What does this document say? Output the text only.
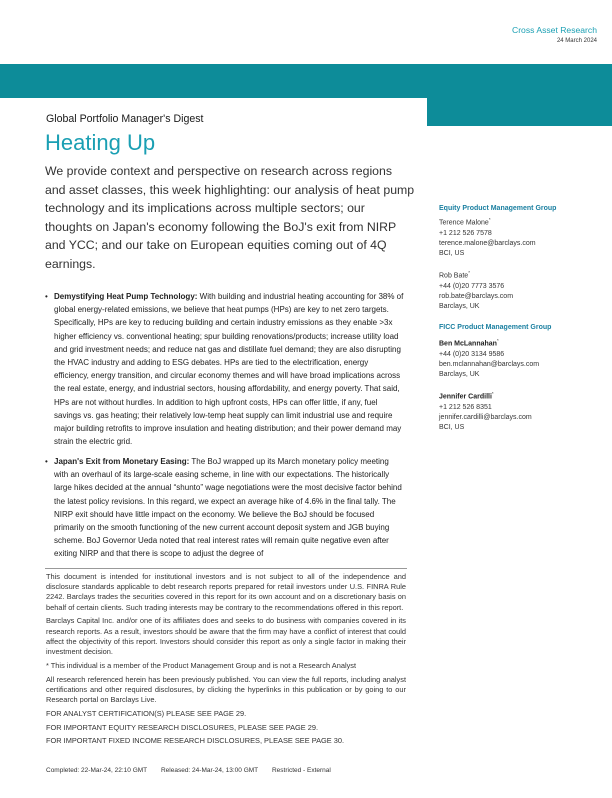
Cross Asset Research
24 March 2024
Global Portfolio Manager's Digest
Heating Up
We provide context and perspective on research across regions and asset classes, this week highlighting: our analysis of heat pump technology and its implications across multiple sectors; our thoughts on Japan's economy following the BoJ's exit from NIRP and YCC; and our take on European equities coming out of 4Q earnings.
• Demystifying Heat Pump Technology: With building and industrial heating accounting for 38% of global energy-related emissions, we believe that heat pumps (HPs) are key to net zero targets. Specifically, HPs are key to reducing building and certain industry emissions as they enable >3x higher efficiency vs. conventional heating; spur building renovations/products; increase utility load and grid investment needs; and reduce nat gas and distillate fuel demand; they are also disrupting the HVAC industry and adding to ESG debates. HPs are tied to the electrification, energy efficiency, energy transition, and circular economy themes and will have broad implications across the real estate, energy, and industrial sectors, housing affordability, and energy poverty. That said, HPs are not without hurdles. In addition to high upfront costs, HPs can offer little, if any, fuel savings vs. gas heating; their relatively low-temp heat supply can limit industrial use and require major building retrofits to improve insulation and heating distribution; and their power demand may strain the electric grid.
• Japan's Exit from Monetary Easing: The BoJ wrapped up its March monetary policy meeting with an overhaul of its large-scale easing scheme, in line with our expectations. The historically large hikes decided at the annual “shunto” wage negotiations were the most decisive factor behind the latest policy revisions. In this regard, we expect an average hike of 4.6% in the final tally. The NIRP exit should have little impact on the economy. We believe the BoJ should be focused primarily on the smooth functioning of the new current account deposit system and JGB buying scheme. BoJ Governor Ueda noted that real interest rates will remain quite negative even after exiting NIRP and that there is scope to adjust the degree of

This document is intended for institutional investors and is not subject to all of the independence and disclosure standards applicable to debt research reports prepared for retail investors under U.S. FINRA Rule 2242. Barclays trades the securities covered in this report for its own account and on a discretionary basis on behalf of certain clients. Such trading interests may be contrary to the recommendations offered in this report.

Barclays Capital Inc. and/or one of its affiliates does and seeks to do business with companies covered in its research reports. As a result, investors should be aware that the firm may have a conflict of interest that could affect the objectivity of this report. Investors should consider this report as only a single factor in making their investment decision.

* This individual is a member of the Product Management Group and is not a Research Analyst

All research referenced herein has been previously published. You can view the full reports, including analyst certifications and other required disclosures, by clicking the hyperlinks in this publication or by going to our Research portal on Barclays Live.

FOR ANALYST CERTIFICATION(S) PLEASE SEE PAGE 29.

FOR IMPORTANT EQUITY RESEARCH DISCLOSURES, PLEASE SEE PAGE 29.

FOR IMPORTANT FIXED INCOME RESEARCH DISCLOSURES, PLEASE SEE PAGE 30.

Completed: 22-Mar-24, 22:10 GMT Released: 24-Mar-24, 13:00 GMT Restricted - External
FOCUS
Equity Product Management Group
Terence Malone*
+1 212 526 7578
terence.malone@barclays.com
BCI, US
Rob Bate*
+44 (0)20 7773 3576
rob.bate@barclays.com
Barclays, UK
FICC Product Management Group
Ben McLannahan*
+44 (0)20 3134 9586
ben.mclannahan@barclays.com
Barclays, UK
Jennifer Cardilli*
+1 212 526 8351
jennifer.cardilli@barclays.com
BCI, US
